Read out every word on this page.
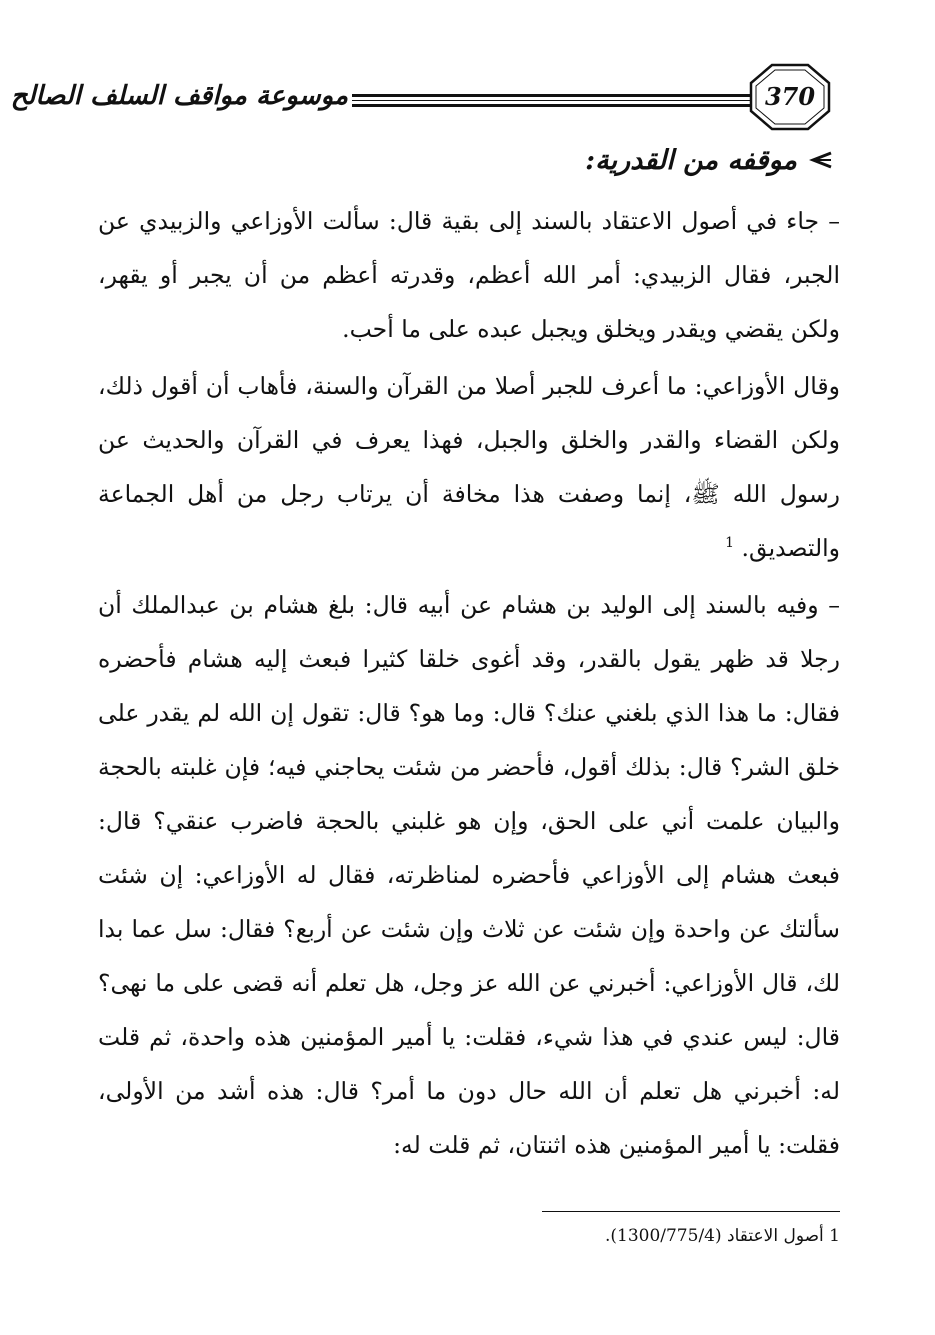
موسوعة مواقف السلف الصالح	370
موقفه من القدرية:

– جاء في أصول الاعتقاد بالسند إلى بقية قال: سألت الأوزاعي والزبيدي عن الجبر، فقال الزبيدي: أمر الله أعظم، وقدرته أعظم من أن يجبر أو يقهر، ولكن يقضي ويقدر ويخلق ويجبل عبده على ما أحب.

وقال الأوزاعي: ما أعرف للجبر أصلا من القرآن والسنة، فأهاب أن أقول ذلك، ولكن القضاء والقدر والخلق والجبل، فهذا يعرف في القرآن والحديث عن رسول الله ﷺ، إنما وصفت هذا مخافة أن يرتاب رجل من أهل الجماعة والتصديق. $^1$

– وفيه بالسند إلى الوليد بن هشام عن أبيه قال: بلغ هشام بن عبدالملك أن رجلا قد ظهر يقول بالقدر، وقد أغوى خلقا كثيرا فبعث إليه هشام فأحضره فقال: ما هذا الذي بلغني عنك؟ قال: وما هو؟ قال: تقول إن الله لم يقدر على خلق الشر؟ قال: بذلك أقول، فأحضر من شئت يحاجني فيه؛ فإن غلبته بالحجة والبيان علمت أني على الحق، وإن هو غلبني بالحجة فاضرب عنقي؟ قال: فبعث هشام إلى الأوزاعي فأحضره لمناظرته، فقال له الأوزاعي: إن شئت سألتك عن واحدة وإن شئت عن ثلاث وإن شئت عن أربع؟ فقال: سل عما بدا لك، قال الأوزاعي: أخبرني عن الله عز وجل، هل تعلم أنه قضى على ما نهى؟ قال: ليس عندي في هذا شيء، فقلت: يا أمير المؤمنين هذه واحدة، ثم قلت له: أخبرني هل تعلم أن الله حال دون ما أمر؟ قال: هذه أشد من الأولى، فقلت: يا أمير المؤمنين هذه اثنتان، ثم قلت له:

1 أصول الاعتقاد (1300/775/4).
